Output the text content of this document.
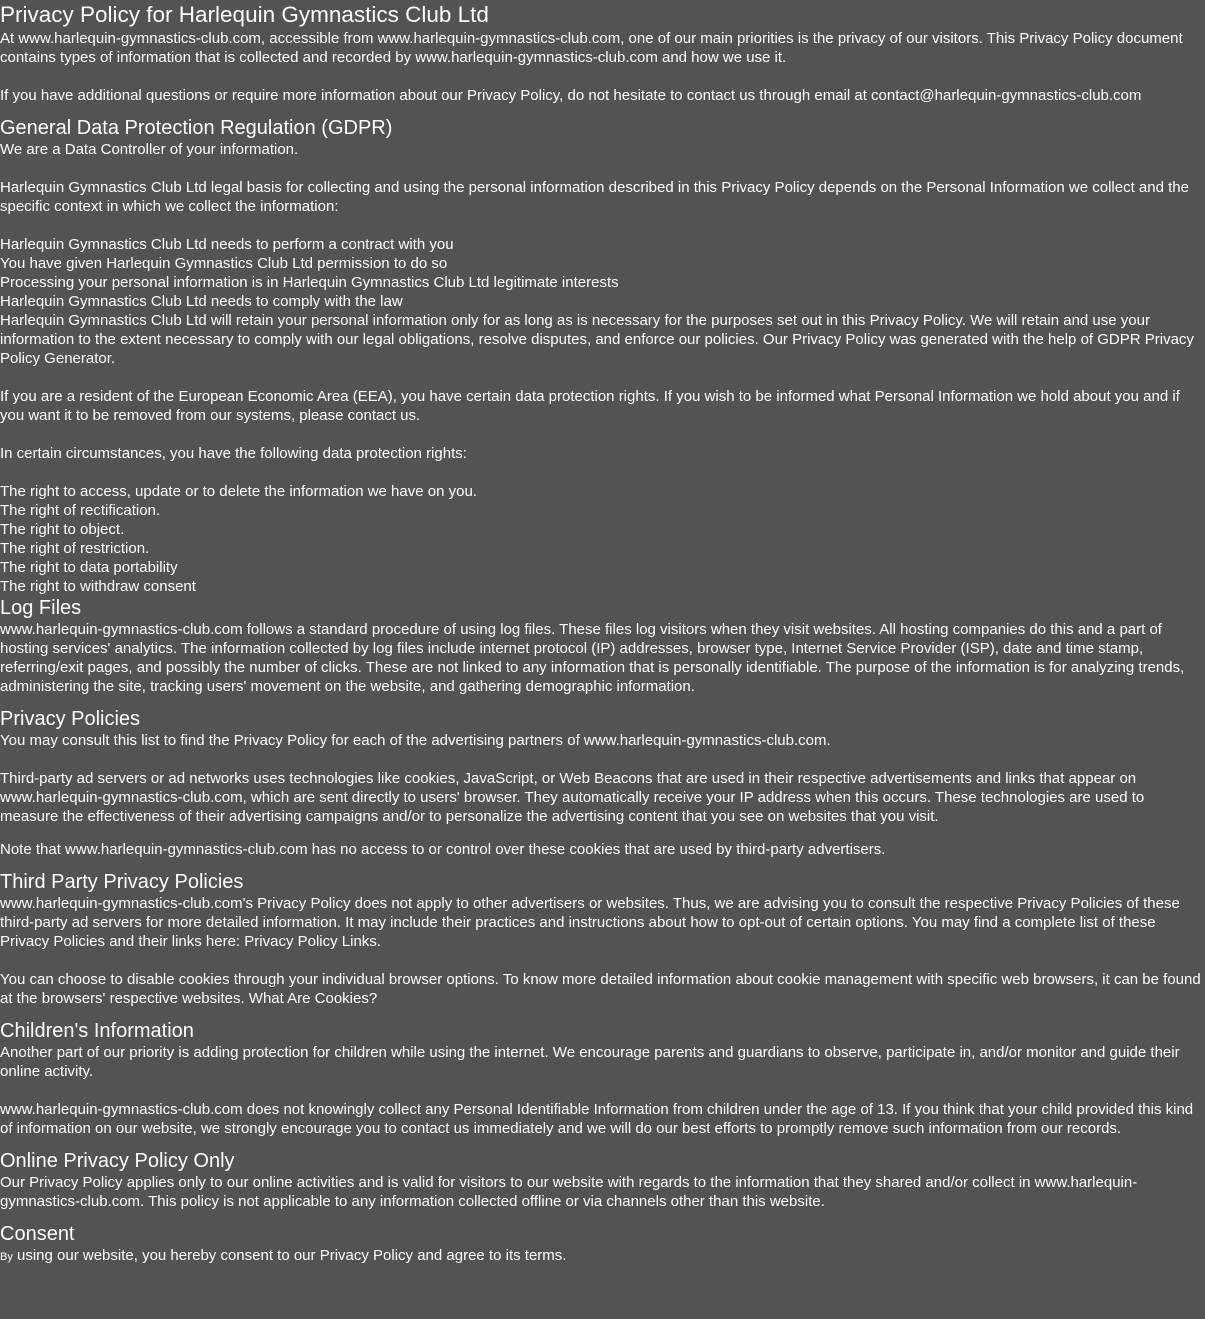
Privacy Policy for Harlequin Gymnastics Club Ltd

At www.harlequin-gymnastics-club.com, accessible from www.harlequin-gymnastics-club.com, one of our main priorities is the privacy of our visitors. This Privacy Policy document contains types of information that is collected and recorded by www.harlequin-gymnastics-club.com and how we use it.

If you have additional questions or require more information about our Privacy Policy, do not hesitate to contact us through email at contact@harlequin-gymnastics-club.com

General Data Protection Regulation (GDPR)

We are a Data Controller of your information.

Harlequin Gymnastics Club Ltd legal basis for collecting and using the personal information described in this Privacy Policy depends on the Personal Information we collect and the specific context in which we collect the information:

Harlequin Gymnastics Club Ltd needs to perform a contract with you
You have given Harlequin Gymnastics Club Ltd permission to do so
Processing your personal information is in Harlequin Gymnastics Club Ltd legitimate interests
Harlequin Gymnastics Club Ltd needs to comply with the law

Harlequin Gymnastics Club Ltd will retain your personal information only for as long as is necessary for the purposes set out in this Privacy Policy. We will retain and use your information to the extent necessary to comply with our legal obligations, resolve disputes, and enforce our policies. Our Privacy Policy was generated with the help of GDPR Privacy Policy Generator.

If you are a resident of the European Economic Area (EEA), you have certain data protection rights. If you wish to be informed what Personal Information we hold about you and if you want it to be removed from our systems, please contact us.

In certain circumstances, you have the following data protection rights:

The right to access, update or to delete the information we have on you.
The right of rectification.
The right to object.
The right of restriction.
The right to data portability
The right to withdraw consent
Log Files

www.harlequin-gymnastics-club.com follows a standard procedure of using log files. These files log visitors when they visit websites. All hosting companies do this and a part of hosting services' analytics. The information collected by log files include internet protocol (IP) addresses, browser type, Internet Service Provider (ISP), date and time stamp, referring/exit pages, and possibly the number of clicks. These are not linked to any information that is personally identifiable. The purpose of the information is for analyzing trends, administering the site, tracking users' movement on the website, and gathering demographic information.

Privacy Policies

You may consult this list to find the Privacy Policy for each of the advertising partners of www.harlequin-gymnastics-club.com.

Third-party ad servers or ad networks uses technologies like cookies, JavaScript, or Web Beacons that are used in their respective advertisements and links that appear on www.harlequin-gymnastics-club.com, which are sent directly to users' browser. They automatically receive your IP address when this occurs. These technologies are used to measure the effectiveness of their advertising campaigns and/or to personalize the advertising content that you see on websites that you visit.

Note that www.harlequin-gymnastics-club.com has no access to or control over these cookies that are used by third-party advertisers.

Third Party Privacy Policies

www.harlequin-gymnastics-club.com's Privacy Policy does not apply to other advertisers or websites. Thus, we are advising you to consult the respective Privacy Policies of these third-party ad servers for more detailed information. It may include their practices and instructions about how to opt-out of certain options. You may find a complete list of these Privacy Policies and their links here: Privacy Policy Links.

You can choose to disable cookies through your individual browser options. To know more detailed information about cookie management with specific web browsers, it can be found at the browsers' respective websites. What Are Cookies?

Children's Information

Another part of our priority is adding protection for children while using the internet. We encourage parents and guardians to observe, participate in, and/or monitor and guide their online activity.

www.harlequin-gymnastics-club.com does not knowingly collect any Personal Identifiable Information from children under the age of 13. If you think that your child provided this kind of information on our website, we strongly encourage you to contact us immediately and we will do our best efforts to promptly remove such information from our records.

Online Privacy Policy Only

Our Privacy Policy applies only to our online activities and is valid for visitors to our website with regards to the information that they shared and/or collect in www.harlequin-gymnastics-club.com. This policy is not applicable to any information collected offline or via channels other than this website.

Consent

By using our website, you hereby consent to our Privacy Policy and agree to its terms.
